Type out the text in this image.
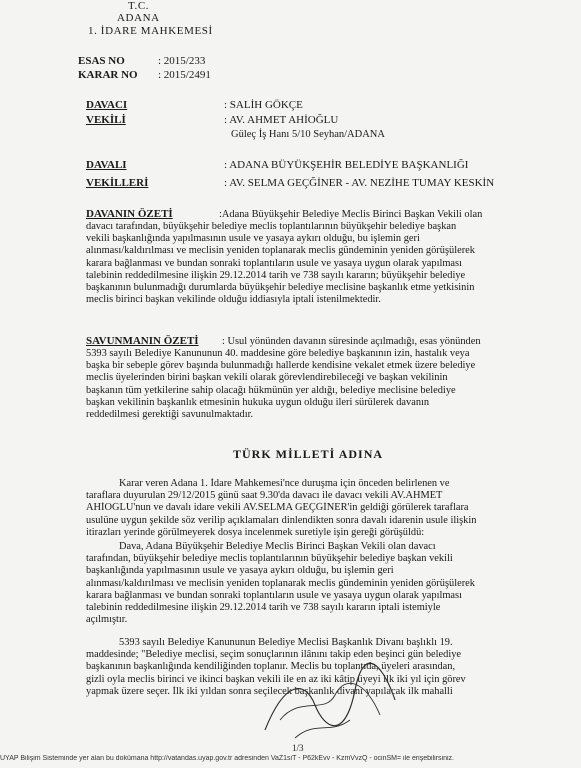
T.C.
ADANA
1. İDARE MAHKEMESİ
ESAS NO	: 2015/233
KARAR NO : 2015/2491
DAVACI	: SALİH GÖKÇE
VEKİLİ	: AV. AHMET AHİOĞLU
Güleç İş Hanı 5/10 Seyhan/ADANA
DAVALI	: ADANA BÜYÜKŞEHİR BELEDİYE BAŞKANLIĞI
VEKİLLERİ	: AV. SELMA GEÇĞİNER - AV. NEZİHE TUMAY KESKİN
DAVANIN ÖZETİ	:Adana Büyükşehir Belediye Meclis Birinci Başkan Vekili olan
davacı tarafından, büyükşehir belediye meclis toplantılarının büyükşehir belediye başkan
vekili başkanlığında yapılmasının usule ve yasaya aykırı olduğu, bu işlemin geri
alınması/kaldırılması ve meclisin yeniden toplanarak meclis gündeminin yeniden görüşülerek
karara bağlanması ve bundan sonraki toplantıların usule ve yasaya uygun olarak yapılması
talebinin reddedilmesine ilişkin 29.12.2014 tarih ve 738 sayılı kararın; büyükşehir belediye
başkanının bulunmadığı durumlarda büyükşehir belediye meclisine başkanlık etme yetkisinin
meclis birinci başkan vekilinde olduğu iddiasıyla iptali istenilmektedir.
SAVUNMANIN ÖZETİ : Usul yönünden davanın süresinde açılmadığı, esas yönünden
5393 sayılı Belediye Kanununun 40. maddesine göre belediye başkanının izin, hastalık veya
başka bir sebeple görev başında bulunmadığı hallerde kendisine vekalet etmek üzere belediye
meclis üyelerinden birini başkan vekili olarak görevlendirebileceği ve başkan vekilinin
başkanın tüm yetkilerine sahip olacağı hükmünün yer aldığı, belediye meclisine belediye
başkan vekilinin başkanlık etmesinin hukuka uygun olduğu ileri sürülerek davanın
reddedilmesi gerektiği savunulmaktadır.
TÜRK MİLLETİ ADINA
Karar veren Adana 1. İdare Mahkemesi'nce duruşma için önceden belirlenen ve
taraflara duyurulan 29/12/2015 günü saat 9.30'da davacı ile davacı vekili AV.AHMET
AHİOĞLU'nun ve davalı idare vekili AV.SELMA GEÇĞİNER'in geldiği görülerek taraflara
usulüne uygun şekilde söz verilip açıklamaları dinlendikten sonra davalı idarenin usule ilişkin
itirazları yerinde görülmeyerek dosya incelenmek suretiyle işin gereği görüşüldü:
Dava, Adana Büyükşehir Belediye Meclis Birinci Başkan Vekili olan davacı
tarafından, büyükşehir belediye meclis toplantılarının büyükşehir belediye başkan vekili
başkanlığında yapılmasının usule ve yasaya aykırı olduğu, bu işlemin geri
alınması/kaldırılması ve meclisin yeniden toplanarak meclis gündeminin yeniden görüşülerek
karara bağlanması ve bundan sonraki toplantıların usule ve yasaya uygun olarak yapılması
talebinin reddedilmesine ilişkin 29.12.2014 tarih ve 738 sayılı kararın iptali istemiyle
açılmıştır.
5393 sayılı Belediye Kanununun Belediye Meclisi Başkanlık Divanı başlıklı 19.
maddesinde; "Belediye meclisi, seçim sonuçlarının ilânını takip eden beşinci gün belediye
başkanının başkanlığında kendiliğinden toplanır. Meclis bu toplantıda, üyeleri arasından,
gizli oyla meclis birinci ve ikinci başkan vekili ile en az iki kâtip üyeyi ilk iki yıl için görev
yapmak üzere seçer. İlk iki yıldan sonra seçilecek başkanlık divanı yapılacak ilk mahalli
1/3
UYAP Bilişim Sisteminde yer alan bu dokümana http://vatandas.uyap.gov.tr adresinden VaZ1siT - P62kEvv - KzmVvzQ - ocinSM= ile erişebilirsiniz.
